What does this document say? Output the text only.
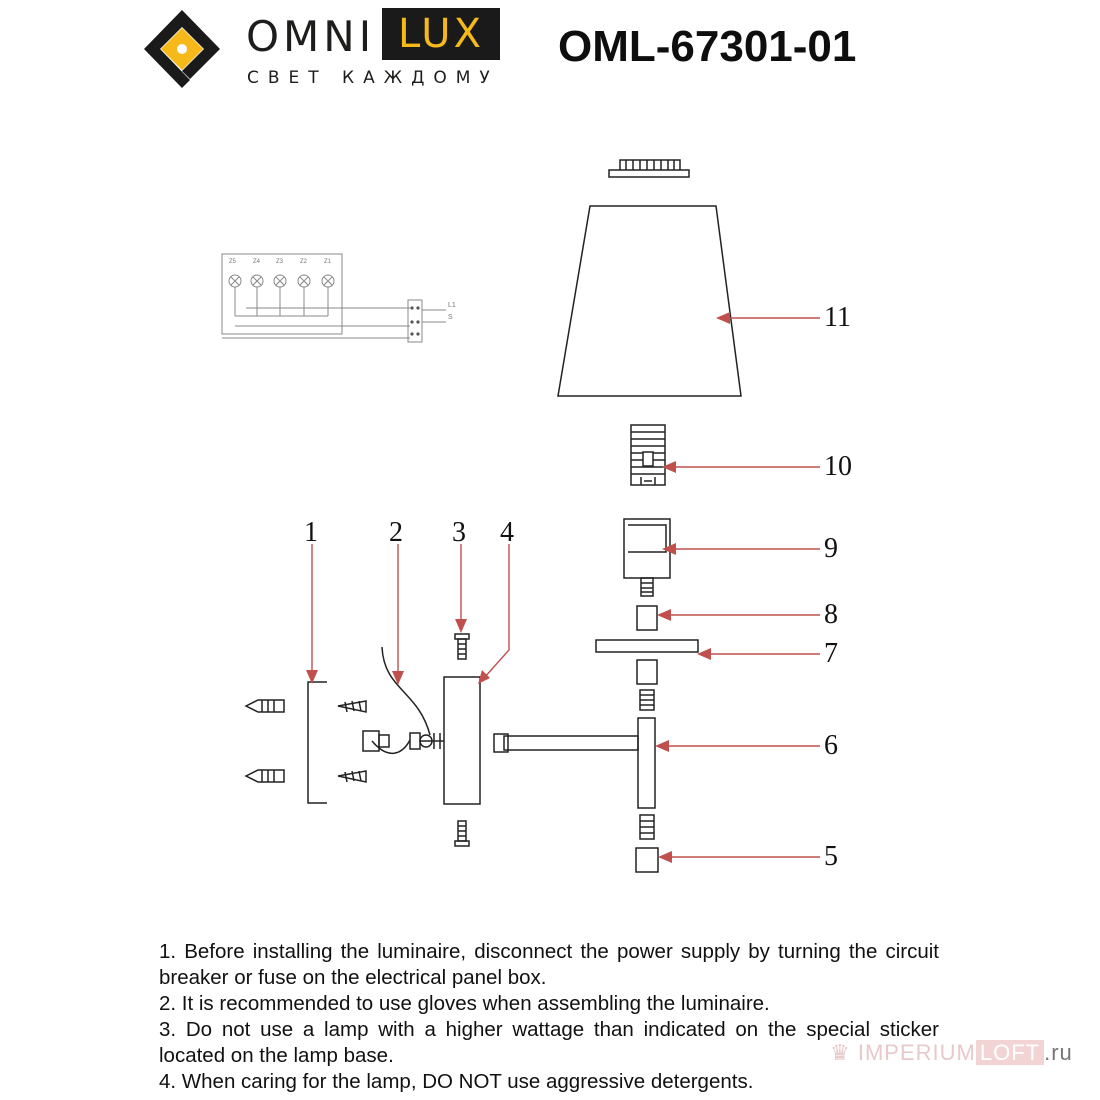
OMNI LUX
СВЕТ КАЖДОМУ
OML-67301-01
Z5	Z4	Z3	Z2	Z1
L1
S
1	2 3 4
11
10
9
8
7
6
5

1. Before installing the luminaire, disconnect the power supply by turning the circuit breaker or fuse on the electrical panel box.

2. It is recommended to use gloves when assembling the luminaire.

3. Do not use a lamp with a higher wattage than indicated on the special sticker located on the lamp base.

4. When caring for the lamp, DO NOT use aggressive detergents.

♛ IMPERIUM LOFT .ru
